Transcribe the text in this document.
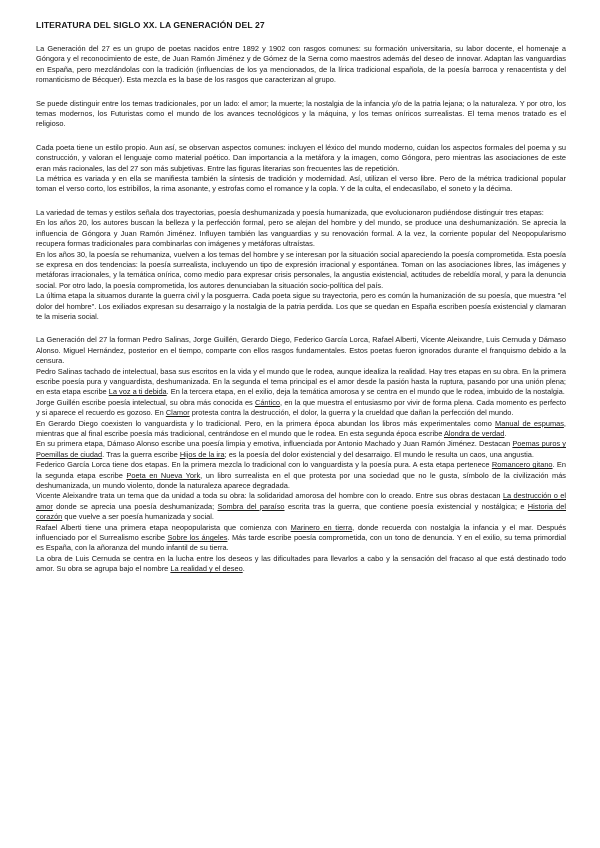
LITERATURA DEL SIGLO XX. LA GENERACIÓN DEL 27

La Generación del 27 es un grupo de poetas nacidos entre 1892 y 1902 con rasgos comunes: su formación universitaria, su labor docente, el homenaje a Góngora y el reconocimiento de este, de Juan Ramón Jiménez y de Gómez de la Serna como maestros además del deseo de innovar. Adaptan las vanguardias en España, pero mezclándolas con la tradición (influencias de los ya mencionados, de la lírica tradicional española, de la poesía barroca y renacentista y del romanticismo de Bécquer). Esta mezcla es la base de los rasgos que caracterizan al grupo.

Se puede distinguir entre los temas tradicionales, por un lado: el amor; la muerte; la nostalgia de la infancia y/o de la patria lejana; o la naturaleza. Y por otro, los temas modernos, los Futuristas como el mundo de los avances tecnológicos y la máquina, y los temas oníricos surrealistas. El tema menos tratado es el religioso.

Cada poeta tiene un estilo propio. Aun así, se observan aspectos comunes: incluyen el léxico del mundo moderno, cuidan los aspectos formales del poema y su construcción, y valoran el lenguaje como material poético. Dan importancia a la metáfora y la imagen, como Góngora, pero mientras las asociaciones de este eran más racionales, las del 27 son más subjetivas. Entre las figuras literarias son frecuentes las de repetición.

La métrica es variada y en ella se manifiesta también la síntesis de tradición y modernidad. Así, utilizan el verso libre. Pero de la métrica tradicional popular toman el verso corto, los estribillos, la rima asonante, y estrofas como el romance y la copla. Y de la culta, el endecasílabo, el soneto y la décima.

La variedad de temas y estilos señala dos trayectorias, poesía deshumanizada y poesía humanizada, que evolucionaron pudiéndose distinguir tres etapas:

En los años 20, los autores buscan la belleza y la perfección formal, pero se alejan del hombre y del mundo, se produce una deshumanización. Se aprecia la influencia de Góngora y Juan Ramón Jiménez. Influyen también las vanguardias y su renovación formal. A la vez, la corriente popular del Neopopularismo recupera formas tradicionales para combinarlas con imágenes y metáforas ultraístas.

En los años 30, la poesía se rehumaniza, vuelven a los temas del hombre y se interesan por la situación social apareciendo la poesía comprometida. Esta poesía se expresa en dos tendencias: la poesía surrealista, incluyendo un tipo de expresión irracional y espontánea. Toman on las asociaciones libres, las imágenes y metáforas irracionales, y la temática onírica, como medio para expresar crisis personales, la angustia existencial, actitudes de rebeldía moral, y para la denuncia social. Por otro lado, la poesía comprometida, los autores denunciaban la situación socio-política del país.

La última etapa la situamos durante la guerra civil y la posguerra. Cada poeta sigue su trayectoria, pero es común la humanización de su poesía, que muestra "el dolor del hombre". Los exiliados expresan su desarraigo y la nostalgia de la patria perdida. Los que se quedan en España escriben poesía existencial y clamaran te la miseria social.

La Generación del 27 la forman Pedro Salinas, Jorge Guillén, Gerardo Diego, Federico García Lorca, Rafael Alberti, Vicente Aleixandre, Luis Cernuda y Dámaso Alonso. Miguel Hernández, posterior en el tiempo, comparte con ellos rasgos fundamentales. Estos poetas fueron ignorados durante el franquismo debido a la censura.

Pedro Salinas tachado de intelectual, basa sus escritos en la vida y el mundo que le rodea, aunque idealiza la realidad. Hay tres etapas en su obra. En la primera escribe poesía pura y vanguardista, deshumanizada. En la segunda el tema principal es el amor desde la pasión hasta la ruptura, pasando por una unión plena; en esta etapa escribe La voz a ti debida. En la tercera etapa, en el exilio, deja la temática amorosa y se centra en el mundo que le rodea, imbuido de la nostalgia.

Jorge Guillén escribe poesía intelectual, su obra más conocida es Cántico, en la que muestra el entusiasmo por vivir de forma plena. Cada momento es perfecto y si aparece el recuerdo es gozoso. En Clamor protesta contra la destrucción, el dolor, la guerra y la crueldad que dañan la perfección del mundo.

En Gerardo Diego coexisten lo vanguardista y lo tradicional. Pero, en la primera época abundan los libros más experimentales como Manual de espumas, mientras que al final escribe poesía más tradicional, centrándose en el mundo que le rodea. En esta segunda época escribe Alondra de verdad.

En su primera etapa, Dámaso Alonso escribe una poesía limpia y emotiva, influenciada por Antonio Machado y Juan Ramón Jiménez. Destacan Poemas puros y Poemillas de ciudad. Tras la guerra escribe Hijos de la ira; es la poesía del dolor existencial y del desarraigo. El mundo le resulta un caos, una angustia.

Federico García Lorca tiene dos etapas. En la primera mezcla lo tradicional con lo vanguardista y la poesía pura. A esta etapa pertenece Romancero gitano. En la segunda etapa escribe Poeta en Nueva York, un libro surrealista en el que protesta por una sociedad que no le gusta, símbolo de la civilización más deshumanizada, un mundo violento, donde la naturaleza aparece degradada.

Vicente Aleixandre trata un tema que da unidad a toda su obra: la solidaridad amorosa del hombre con lo creado. Entre sus obras destacan La destrucción o el amor donde se aprecia una poesía deshumanizada; Sombra del paraíso escrita tras la guerra, que contiene poesía existencial y nostálgica; e Historia del corazón que vuelve a ser poesía humanizada y social.

Rafael Alberti tiene una primera etapa neopopularista que comienza con Marinero en tierra, donde recuerda con nostalgia la infancia y el mar. Después influenciado por el Surrealismo escribe Sobre los ángeles. Más tarde escribe poesía comprometida, con un tono de denuncia. Y en el exilio, su tema primordial es España, con la añoranza del mundo infantil de su tierra.

La obra de Luis Cernuda se centra en la lucha entre los deseos y las dificultades para llevarlos a cabo y la sensación del fracaso al que está destinado todo amor. Su obra se agrupa bajo el nombre La realidad y el deseo.
